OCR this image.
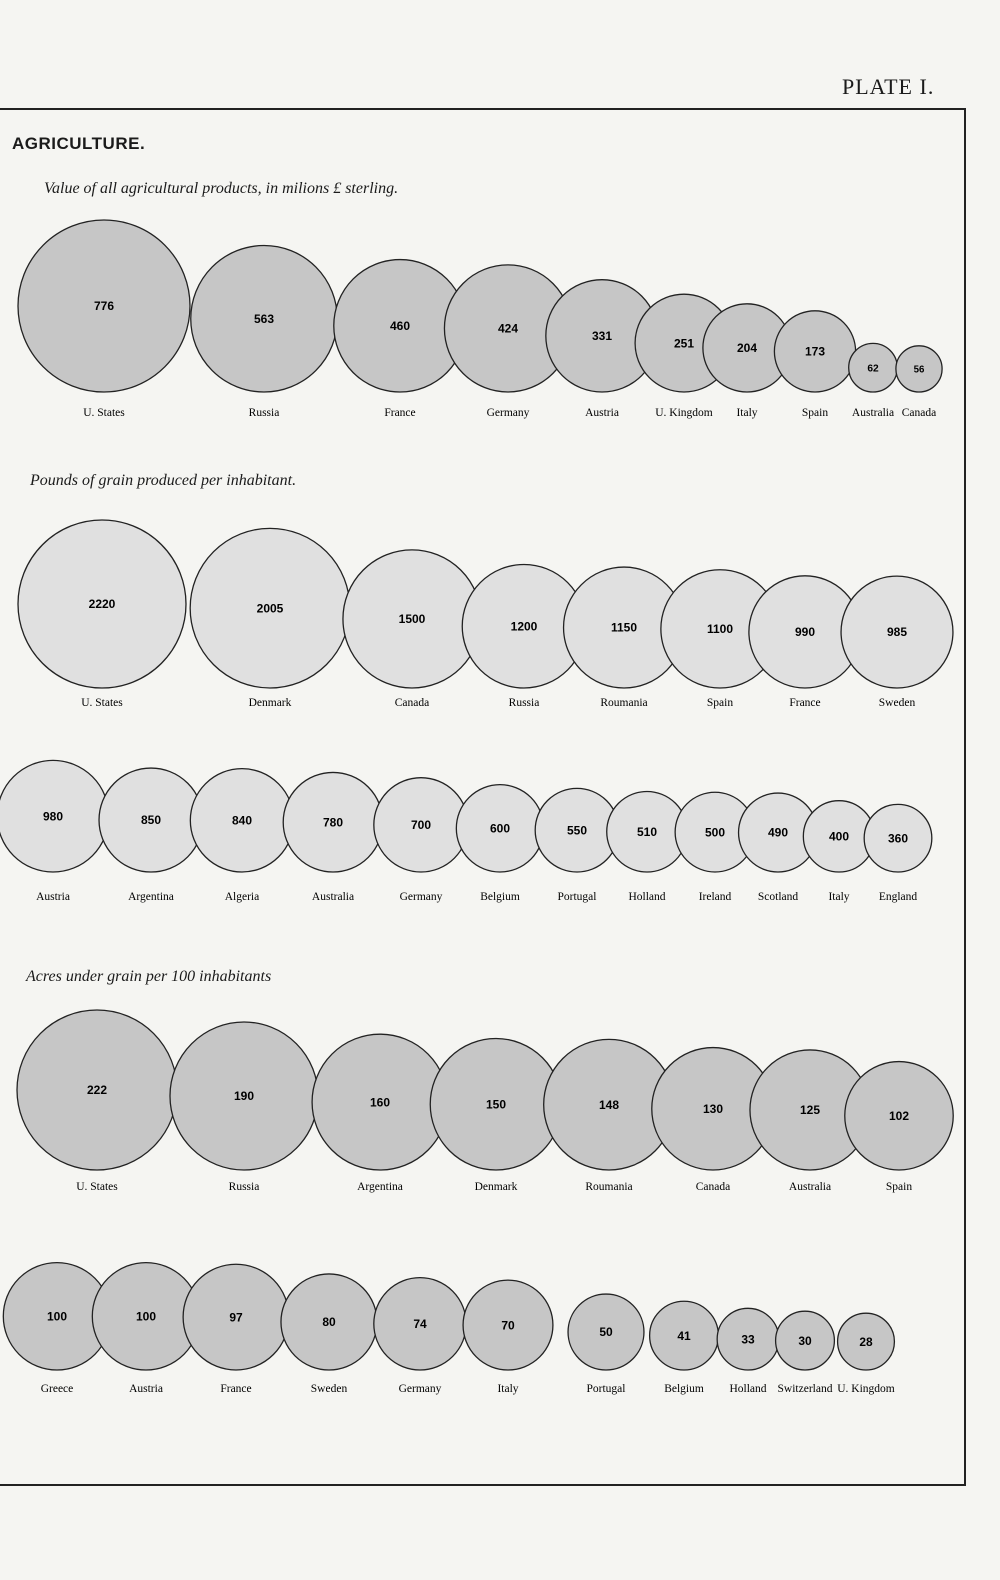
PLATE I.
AGRICULTURE.
Value of all agricultural products, in milions £ sterling.
Pounds of grain produced per inhabitant.
Acres under grain per 100 inhabitants
776
U. States
563
Russia
460
France
424
Germany
331
Austria
251
U. Kingdom
204
Italy
173
Spain
62
Australia
56
Canada
2220
U. States
2005
Denmark
1500
Canada
1200
Russia
1150
Roumania
1100
Spain
990
France
985
Sweden
980
Austria
850
Argentina
840
Algeria
780
Australia
700
Germany
600
Belgium
550
Portugal
510
Holland
500
Ireland
490
Scotland
400
Italy
360
England
222
U. States
190
Russia
160
Argentina
150
Denmark
148
Roumania
130
Canada
125
Australia
102
Spain
100
Greece
100
Austria
97
France
80
Sweden
74
Germany
70
Italy
50
Portugal
41
Belgium
33
Holland
30
Switzerland
28
U. Kingdom
